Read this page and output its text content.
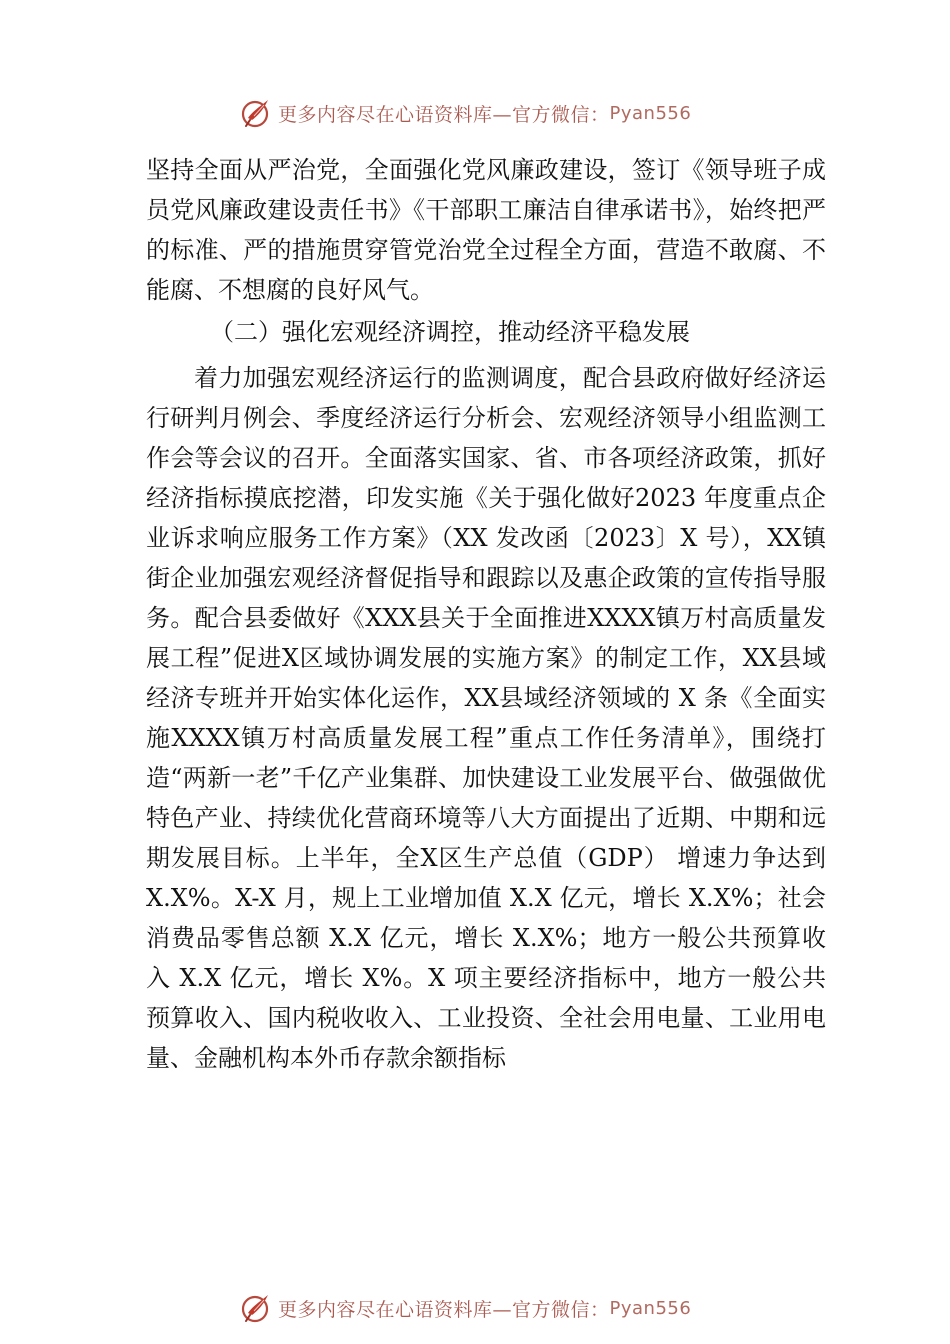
更多内容尽在心语资料库—官方微信： Pyan556

坚持全面从严治党，全面强化党风廉政建设，签订《领导班子成员党风廉政建设责任书》《干部职工廉洁自律承诺书》，始终把严的标准、严的措施贯穿管党治党全过程全方面，营造不敢腐、不能腐、不想腐的良好风气。

（二）强化宏观经济调控，推动经济平稳发展

着力加强宏观经济运行的监测调度，配合县政府做好经济运行研判月例会、季度经济运行分析会、宏观经济领导小组监测工作会等会议的召开。全面落实国家、省、市各项经济政策，抓好经济指标摸底挖潜，印发实施《关于强化做好2023 年度重点企业诉求响应服务工作方案》（XX 发改函〔2023〕X 号），XX镇街企业加强宏观经济督促指导和跟踪以及惠企政策的宣传指导服务。配合县委做好《XXX县关于全面推进XXXX镇万村高质量发展工程”促进X区域协调发展的实施方案》的制定工作，XX县域经济专班并开始实体化运作，XX县域经济领域的 X 条《全面实施XXXX镇万村高质量发展工程”重点工作任务清单》，围绕打造“两新一老”千亿产业集群、加快建设工业发展平台、做强做优特色产业、持续优化营商环境等八大方面提出了近期、中期和远期发展目标。上半年，全X区生产总值（GDP） 增速力争达到 X.X%。X-X 月，规上工业增加值 X.X 亿元，增长 X.X%；社会消费品零售总额 X.X 亿元，增长 X.X%；地方一般公共预算收入 X.X 亿元，增长 X%。X 项主要经济指标中，地方一般公共预算收入、国内税收收入、工业投资、全社会用电量、工业用电量、金融机构本外币存款余额指标

更多内容尽在心语资料库—官方微信： Pyan556
